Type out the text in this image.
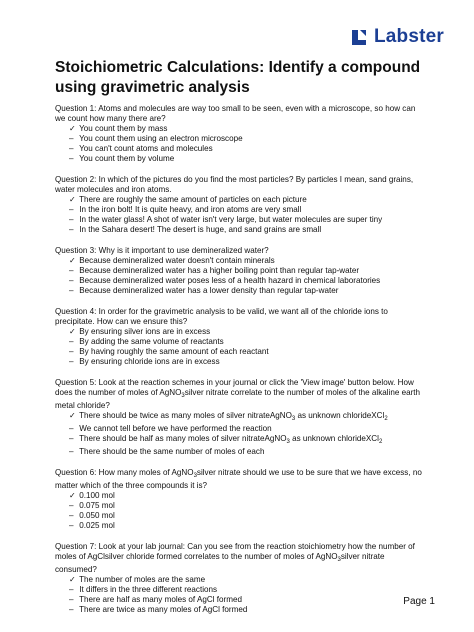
Labster
Stoichiometric Calculations: Identify a compound using gravimetric analysis
Question 1: Atoms and molecules are way too small to be seen, even with a microscope, so how can we count how many there are?
✓ You count them by mass
– You count them using an electron microscope
– You can't count atoms and molecules
– You count them by volume
Question 2: In which of the pictures do you find the most particles? By particles I mean, sand grains, water molecules and iron atoms.
✓ There are roughly the same amount of particles on each picture
– In the iron bolt! It is quite heavy, and iron atoms are very small
– In the water glass! A shot of water isn't very large, but water molecules are super tiny
– In the Sahara desert! The desert is huge, and sand grains are small
Question 3: Why is it important to use demineralized water?
✓ Because demineralized water doesn't contain minerals
– Because demineralized water has a higher boiling point than regular tap-water
– Because demineralized water poses less of a health hazard in chemical laboratories
– Because demineralized water has a lower density than regular tap-water
Question 4: In order for the gravimetric analysis to be valid, we want all of the chloride ions to precipitate. How can we ensure this?
✓ By ensuring silver ions are in excess
– By adding the same volume of reactants
– By having roughly the same amount of each reactant
– By ensuring chloride ions are in excess
Question 5: Look at the reaction schemes in your journal or click the 'View image' button below. How does the number of moles of AgNO$_3$silver nitrate correlate to the number of moles of the alkaline earth metal chloride?
✓ There should be twice as many moles of silver nitrateAgNO$_3$ as unknown chlorideXCl$_2$
– We cannot tell before we have performed the reaction
– There should be half as many moles of silver nitrateAgNO$_3$ as unknown chlorideXCl$_2$
– There should be the same number of moles of each
Question 6: How many moles of AgNO$_3$silver nitrate should we use to be sure that we have excess, no matter which of the three compounds it is?
✓ 0.100 mol
– 0.075 mol
– 0.050 mol
– 0.025 mol
Question 7: Look at your lab journal: Can you see from the reaction stoichiometry how the number of moles of AgClsilver chloride formed correlates to the number of moles of AgNO$_3$silver nitrate consumed?
✓ The number of moles are the same
– It differs in the three different reactions
– There are half as many moles of AgCl formed
– There are twice as many moles of AgCl formed
Page 1
